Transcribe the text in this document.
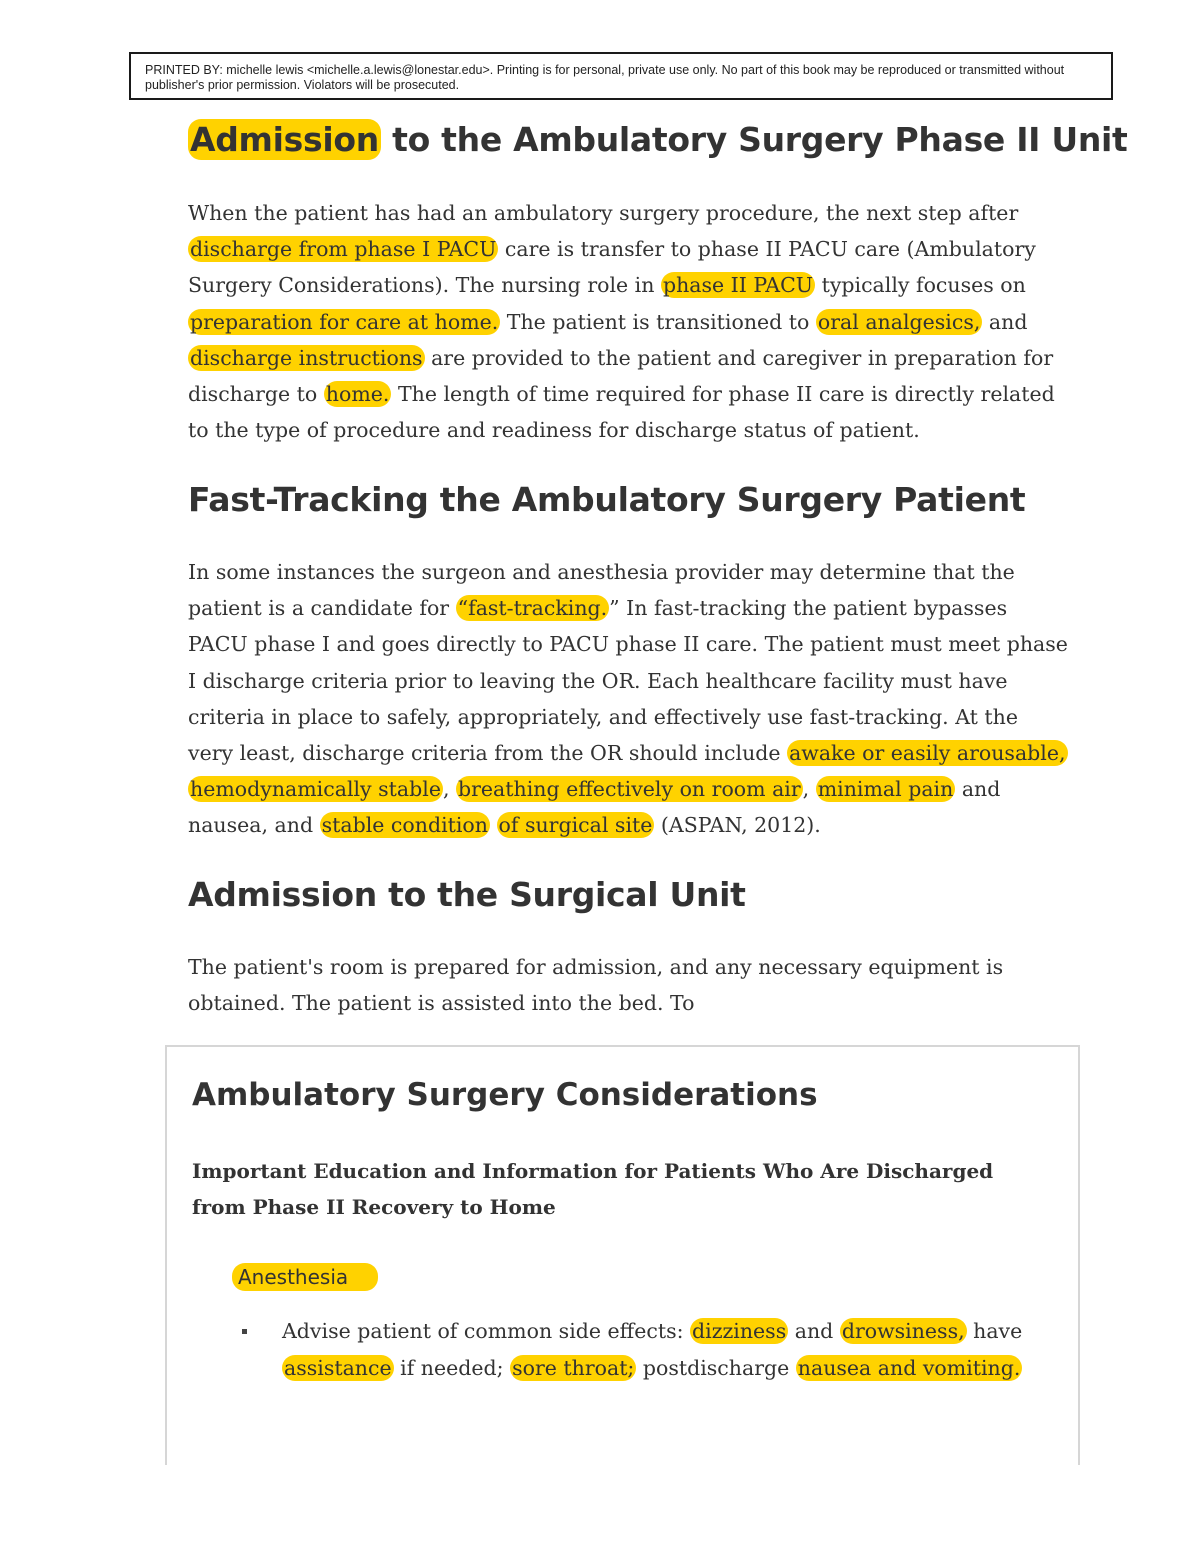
PRINTED BY: michelle lewis <michelle.a.lewis@lonestar.edu>. Printing is for personal, private use only. No part of this book may be reproduced or transmitted without publisher's prior permission. Violators will be prosecuted.
Admission to the Ambulatory Surgery Phase II Unit

When the patient has had an ambulatory surgery procedure, the next step after discharge from phase I PACU care is transfer to phase II PACU care (Ambulatory Surgery Considerations). The nursing role in phase II PACU typically focuses on preparation for care at home. The patient is transitioned to oral analgesics, and discharge instructions are provided to the patient and caregiver in preparation for discharge to home. The length of time required for phase II care is directly related to the type of procedure and readiness for discharge status of patient.

Fast-Tracking the Ambulatory Surgery Patient

In some instances the surgeon and anesthesia provider may determine that the patient is a candidate for “fast-tracking.” In fast-tracking the patient bypasses PACU phase I and goes directly to PACU phase II care. The patient must meet phase I discharge criteria prior to leaving the OR. Each healthcare facility must have criteria in place to safely, appropriately, and effectively use fast-tracking. At the very least, discharge criteria from the OR should include awake or easily arousable, hemodynamically stable, breathing effectively on room air, minimal pain and nausea, and stable condition of surgical site (ASPAN, 2012).

Admission to the Surgical Unit

The patient's room is prepared for admission, and any necessary equipment is obtained. The patient is assisted into the bed. To

Ambulatory Surgery Considerations

Important Education and Information for Patients Who Are Discharged from Phase II Recovery to Home

Anesthesia

Advise patient of common side effects: dizziness and drowsiness, have assistance if needed; sore throat; postdischarge nausea and vomiting.
